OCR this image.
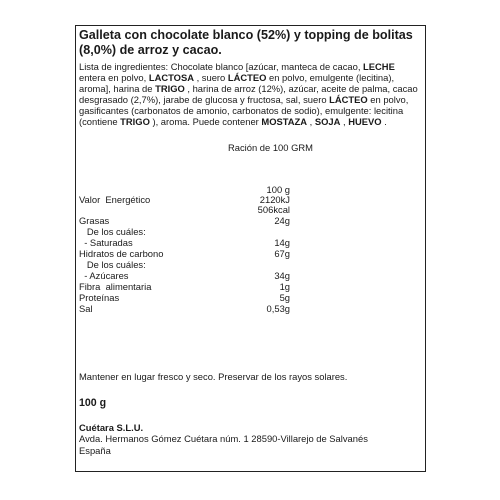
Galleta con chocolate blanco (52%) y topping de bolitas (8,0%) de arroz y cacao.
Lista de ingredientes: Chocolate blanco [azúcar, manteca de cacao, LECHE entera en polvo, LACTOSA , suero LÁCTEO en polvo, emulgente (lecitina), aroma], harina de TRIGO , harina de arroz (12%), azúcar, aceite de palma, cacao desgrasado (2,7%), jarabe de glucosa y fructosa, sal, suero LÁCTEO en polvo, gasificantes (carbonatos de amonio, carbonatos de sodio), emulgente: lecitina (contiene TRIGO ), aroma. Puede contener MOSTAZA , SOJA , HUEVO .
Ración de 100 GRM
100 g
Valor  Energético	2120kJ
506kcal
Grasas	24g
De los cuáles:
- Saturadas	14g
Hidratos de carbono	67g
De los cuáles:
- Azúcares	34g
Fibra  alimentaria	1g
Proteínas	5g
Sal	0,53g
Mantener en lugar fresco y seco. Preservar de los rayos solares.
100 g
Cuétara S.L.U.
Avda. Hermanos Gómez Cuétara núm. 1 28590-Villarejo de Salvanés
España
